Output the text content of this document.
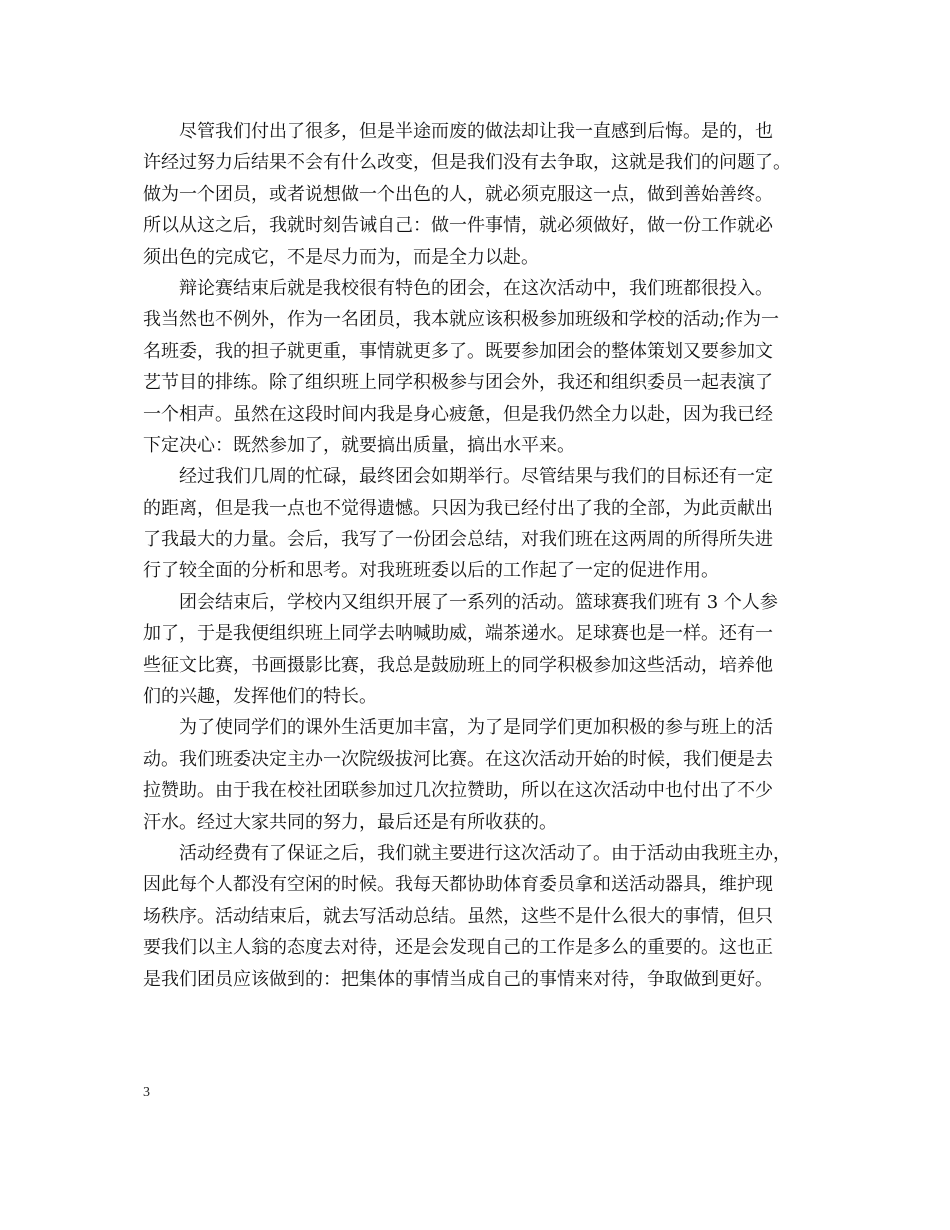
尽管我们付出了很多，但是半途而废的做法却让我一直感到后悔。是的，也
许经过努力后结果不会有什么改变，但是我们没有去争取，这就是我们的问题了。
做为一个团员，或者说想做一个出色的人，就必须克服这一点，做到善始善终。
所以从这之后，我就时刻告诫自己：做一件事情，就必须做好，做一份工作就必
须出色的完成它，不是尽力而为，而是全力以赴。
辩论赛结束后就是我校很有特色的团会，在这次活动中，我们班都很投入。
我当然也不例外，作为一名团员，我本就应该积极参加班级和学校的活动;作为一
名班委，我的担子就更重，事情就更多了。既要参加团会的整体策划又要参加文
艺节目的排练。除了组织班上同学积极参与团会外，我还和组织委员一起表演了
一个相声。虽然在这段时间内我是身心疲惫，但是我仍然全力以赴，因为我已经
下定决心：既然参加了，就要搞出质量，搞出水平来。
经过我们几周的忙碌，最终团会如期举行。尽管结果与我们的目标还有一定
的距离，但是我一点也不觉得遗憾。只因为我已经付出了我的全部，为此贡献出
了我最大的力量。会后，我写了一份团会总结，对我们班在这两周的所得所失进
行了较全面的分析和思考。对我班班委以后的工作起了一定的促进作用。
团会结束后，学校内又组织开展了一系列的活动。篮球赛我们班有 3 个人参
加了，于是我便组织班上同学去呐喊助威，端茶递水。足球赛也是一样。还有一
些征文比赛，书画摄影比赛，我总是鼓励班上的同学积极参加这些活动，培养他
们的兴趣，发挥他们的特长。
为了使同学们的课外生活更加丰富，为了是同学们更加积极的参与班上的活
动。我们班委决定主办一次院级拔河比赛。在这次活动开始的时候，我们便是去
拉赞助。由于我在校社团联参加过几次拉赞助，所以在这次活动中也付出了不少
汗水。经过大家共同的努力，最后还是有所收获的。
活动经费有了保证之后，我们就主要进行这次活动了。由于活动由我班主办，
因此每个人都没有空闲的时候。我每天都协助体育委员拿和送活动器具，维护现
场秩序。活动结束后，就去写活动总结。虽然，这些不是什么很大的事情，但只
要我们以主人翁的态度去对待，还是会发现自己的工作是多么的重要的。这也正
是我们团员应该做到的：把集体的事情当成自己的事情来对待，争取做到更好。
3
